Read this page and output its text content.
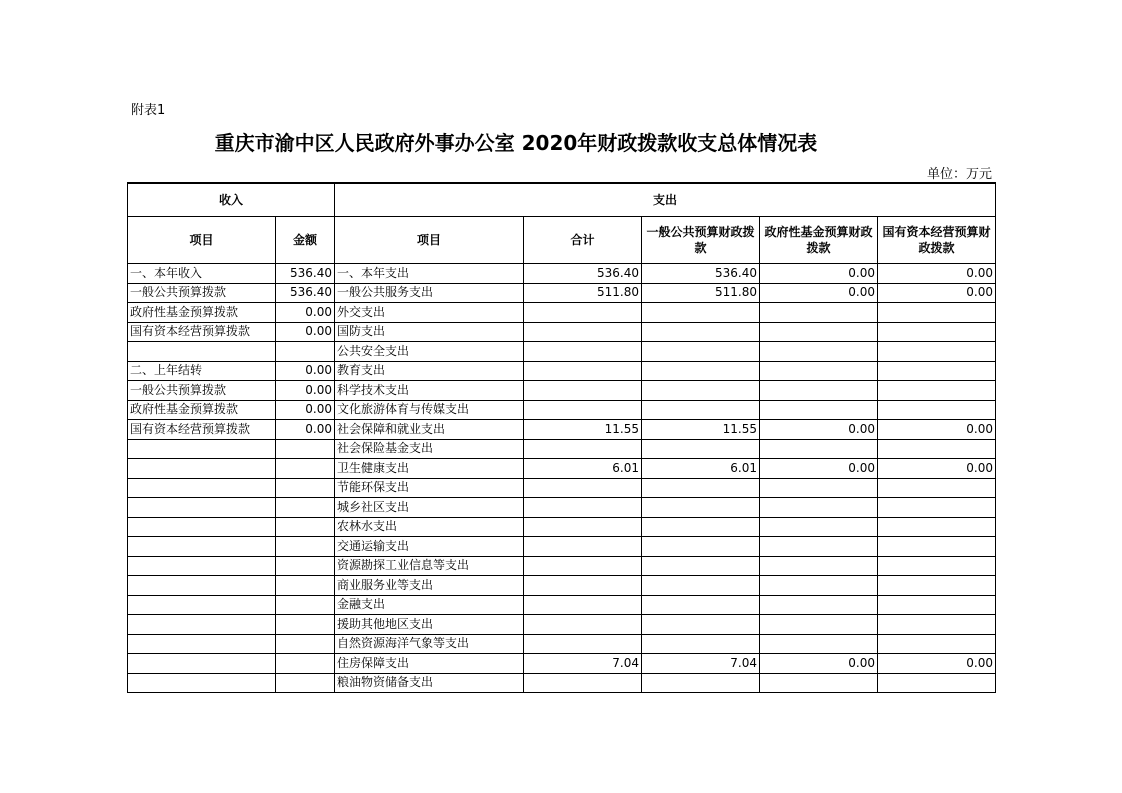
附表1
重庆市渝中区人民政府外事办公室 2020年财政拨款收支总体情况表
单位：万元
收入		支出				
项目	金额	项目	合计	一般公共预算财政拨款	政府性基金预算财政拨款	国有资本经营预算财政拨款
一、本年收入	536.40	一、本年支出	536.40	536.40	0.00	0.00
一般公共预算拨款	536.40	一般公共服务支出	511.80	511.80	0.00	0.00
政府性基金预算拨款	0.00	外交支出				
国有资本经营预算拨款	0.00	国防支出				
		公共安全支出				
二、上年结转	0.00	教育支出				
一般公共预算拨款	0.00	科学技术支出				
政府性基金预算拨款	0.00	文化旅游体育与传媒支出				
国有资本经营预算拨款	0.00	社会保障和就业支出	11.55	11.55	0.00	0.00
		社会保险基金支出				
		卫生健康支出	6.01	6.01	0.00	0.00
		节能环保支出				
		城乡社区支出				
		农林水支出				
		交通运输支出				
		资源勘探工业信息等支出				
		商业服务业等支出				
		金融支出				
		援助其他地区支出				
		自然资源海洋气象等支出				
		住房保障支出	7.04	7.04	0.00	0.00
		粮油物资储备支出				
